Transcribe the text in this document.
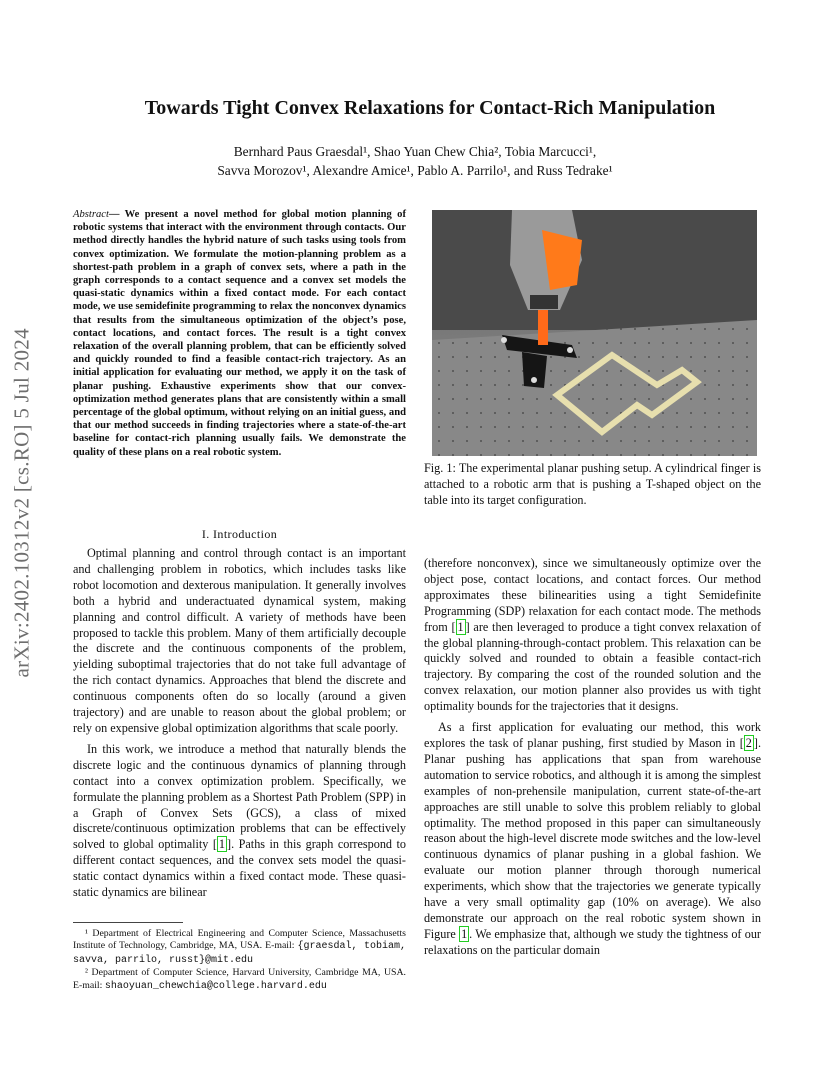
arXiv:2402.10312v2 [cs.RO] 5 Jul 2024
Towards Tight Convex Relaxations for Contact-Rich Manipulation
Bernhard Paus Graesdal¹, Shao Yuan Chew Chia², Tobia Marcucci¹,
Savva Morozov¹, Alexandre Amice¹, Pablo A. Parrilo¹, and Russ Tedrake¹
Abstract— We present a novel method for global motion planning of robotic systems that interact with the environment through contacts. Our method directly handles the hybrid nature of such tasks using tools from convex optimization. We formulate the motion-planning problem as a shortest-path problem in a graph of convex sets, where a path in the graph corresponds to a contact sequence and a convex set models the quasi-static dynamics within a fixed contact mode. For each contact mode, we use semidefinite programming to relax the nonconvex dynamics that results from the simultaneous optimization of the object’s pose, contact locations, and contact forces. The result is a tight convex relaxation of the overall planning problem, that can be efficiently solved and quickly rounded to find a feasible contact-rich trajectory. As an initial application for evaluating our method, we apply it on the task of planar pushing. Exhaustive experiments show that our convex-optimization method generates plans that are consistently within a small percentage of the global optimum, without relying on an initial guess, and that our method succeeds in finding trajectories where a state-of-the-art baseline for contact-rich planning usually fails. We demonstrate the quality of these plans on a real robotic system.
I. Introduction

Optimal planning and control through contact is an important and challenging problem in robotics, which includes tasks like robot locomotion and dexterous manipulation. It generally involves both a hybrid and underactuated dynamical system, making planning and control difficult. A variety of methods have been proposed to tackle this problem. Many of them artificially decouple the discrete and the continuous components of the problem, yielding suboptimal trajectories that do not take full advantage of the rich contact dynamics. Approaches that blend the discrete and continuous components often do so locally (around a given trajectory) and are unable to reason about the global problem; or rely on expensive global optimization algorithms that scale poorly.

In this work, we introduce a method that naturally blends the discrete logic and the continuous dynamics of planning through contact into a convex optimization problem. Specifically, we formulate the planning problem as a Shortest Path Problem (SPP) in a Graph of Convex Sets (GCS), a class of mixed discrete/continuous optimization problems that can be effectively solved to global optimality [ 1 ]. Paths in this graph correspond to different contact sequences, and the convex sets model the quasi-static contact dynamics within a fixed contact mode. These quasi-static dynamics are bilinear

¹ Department of Electrical Engineering and Computer Science, Massachusetts Institute of Technology, Cambridge, MA, USA. E-mail: {graesdal, tobiam, savva, parrilo, russt}@mit.edu

² Department of Computer Science, Harvard University, Cambridge MA, USA. E-mail: shaoyuan_chewchia@college.harvard.edu

Fig. 1: The experimental planar pushing setup. A cylindrical finger is attached to a robotic arm that is pushing a T-shaped object on the table into its target configuration.

(therefore nonconvex), since we simultaneously optimize over the object pose, contact locations, and contact forces. Our method approximates these bilinearities using a tight Semidefinite Programming (SDP) relaxation for each contact mode. The methods from [ 1 ] are then leveraged to produce a tight convex relaxation of the global planning-through-contact problem. This relaxation can be quickly solved and rounded to obtain a feasible contact-rich trajectory. By comparing the cost of the rounded solution and the convex relaxation, our motion planner also provides us with tight optimality bounds for the trajectories that it designs.

As a first application for evaluating our method, this work explores the task of planar pushing, first studied by Mason in [ 2 ]. Planar pushing has applications that span from warehouse automation to service robotics, and although it is among the simplest examples of non-prehensile manipulation, current state-of-the-art approaches are still unable to solve this problem reliably to global optimality. The method proposed in this paper can simultaneously reason about the high-level discrete mode switches and the low-level continuous dynamics of planar pushing in a global fashion. We evaluate our motion planner through thorough numerical experiments, which show that the trajectories we generate typically have a very small optimality gap (10% on average). We also demonstrate our approach on the real robotic system shown in Figure 1 . We emphasize that, although we study the tightness of our relaxations on the particular domain
